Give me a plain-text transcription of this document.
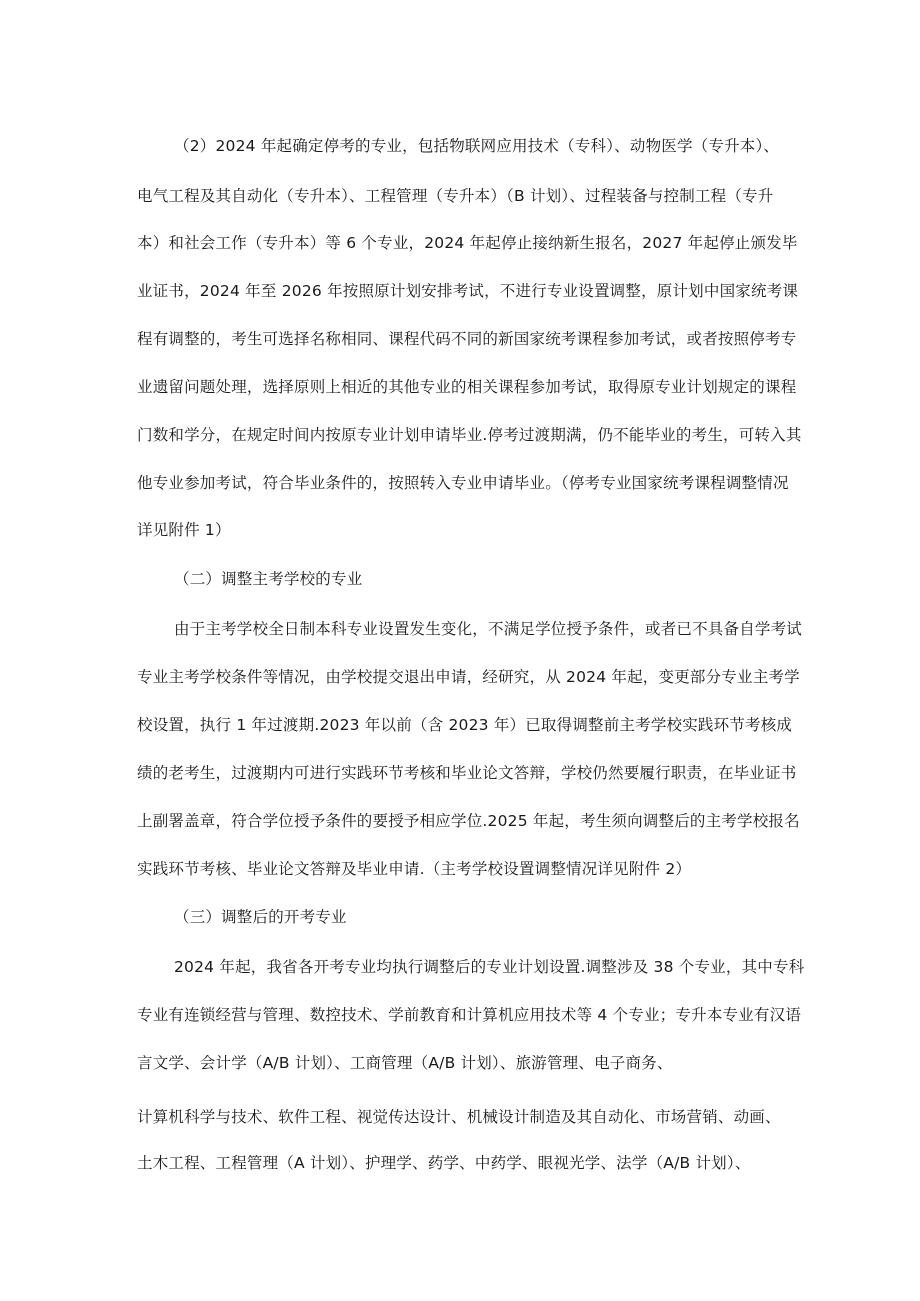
（2）2024 年起确定停考的专业，包括物联网应用技术（专科）、动物医学（专升本）、
电气工程及其自动化（专升本）、工程管理（专升本）（B 计划）、过程装备与控制工程（专升
本）和社会工作（专升本）等 6 个专业，2024 年起停止接纳新生报名，2027 年起停止颁发毕
业证书，2024 年至 2026 年按照原计划安排考试，不进行专业设置调整，原计划中国家统考课
程有调整的，考生可选择名称相同、课程代码不同的新国家统考课程参加考试，或者按照停考专
业遗留问题处理，选择原则上相近的其他专业的相关课程参加考试，取得原专业计划规定的课程
门数和学分，在规定时间内按原专业计划申请毕业.停考过渡期满，仍不能毕业的考生，可转入其
他专业参加考试，符合毕业条件的，按照转入专业申请毕业。（停考专业国家统考课程调整情况
详见附件 1）
（二）调整主考学校的专业
由于主考学校全日制本科专业设置发生变化，不满足学位授予条件，或者已不具备自学考试
专业主考学校条件等情况，由学校提交退出申请，经研究，从 2024 年起，变更部分专业主考学
校设置，执行 1 年过渡期.2023 年以前（含 2023 年）已取得调整前主考学校实践环节考核成
绩的老考生，过渡期内可进行实践环节考核和毕业论文答辩，学校仍然要履行职责，在毕业证书
上副署盖章，符合学位授予条件的要授予相应学位.2025 年起，考生须向调整后的主考学校报名
实践环节考核、毕业论文答辩及毕业申请.（主考学校设置调整情况详见附件 2）
（三）调整后的开考专业
2024 年起，我省各开考专业均执行调整后的专业计划设置.调整涉及 38 个专业，其中专科
专业有连锁经营与管理、数控技术、学前教育和计算机应用技术等 4 个专业；专升本专业有汉语
言文学、会计学（A/B 计划）、工商管理（A/B 计划）、旅游管理、电子商务、
计算机科学与技术、软件工程、视觉传达设计、机械设计制造及其自动化、市场营销、动画、
土木工程、工程管理（A 计划）、护理学、药学、中药学、眼视光学、法学（A/B 计划）、
